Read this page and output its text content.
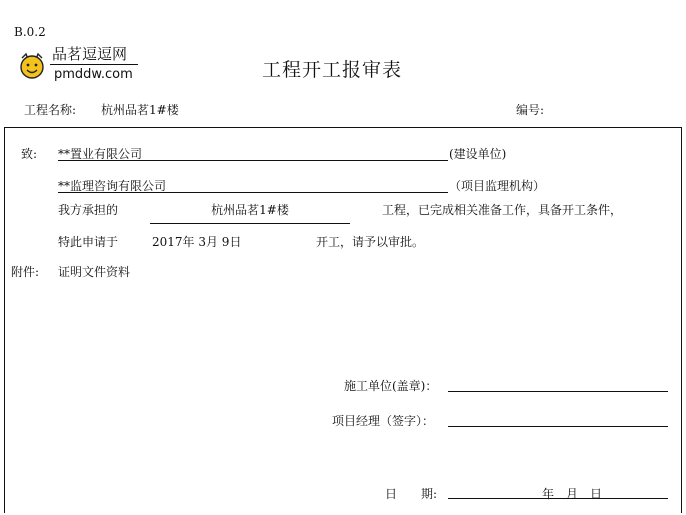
B.0.2
品茗逗逗网
pmddw.com	工程开工报审表
工程名称: 杭州品茗1#楼	编号:
致: **置业有限公司	(建设单位)
**监理咨询有限公司	（项目监理机构）
我方承担的	杭州品茗1#楼	工程，已完成相关准备工作，具备开工条件，
特此申请于	2017年 3月 9日	开工，请予以审批。
附件: 证明文件资料
施工单位(盖章)：
项目经理（签字）：
日　　期:	年　月　日
